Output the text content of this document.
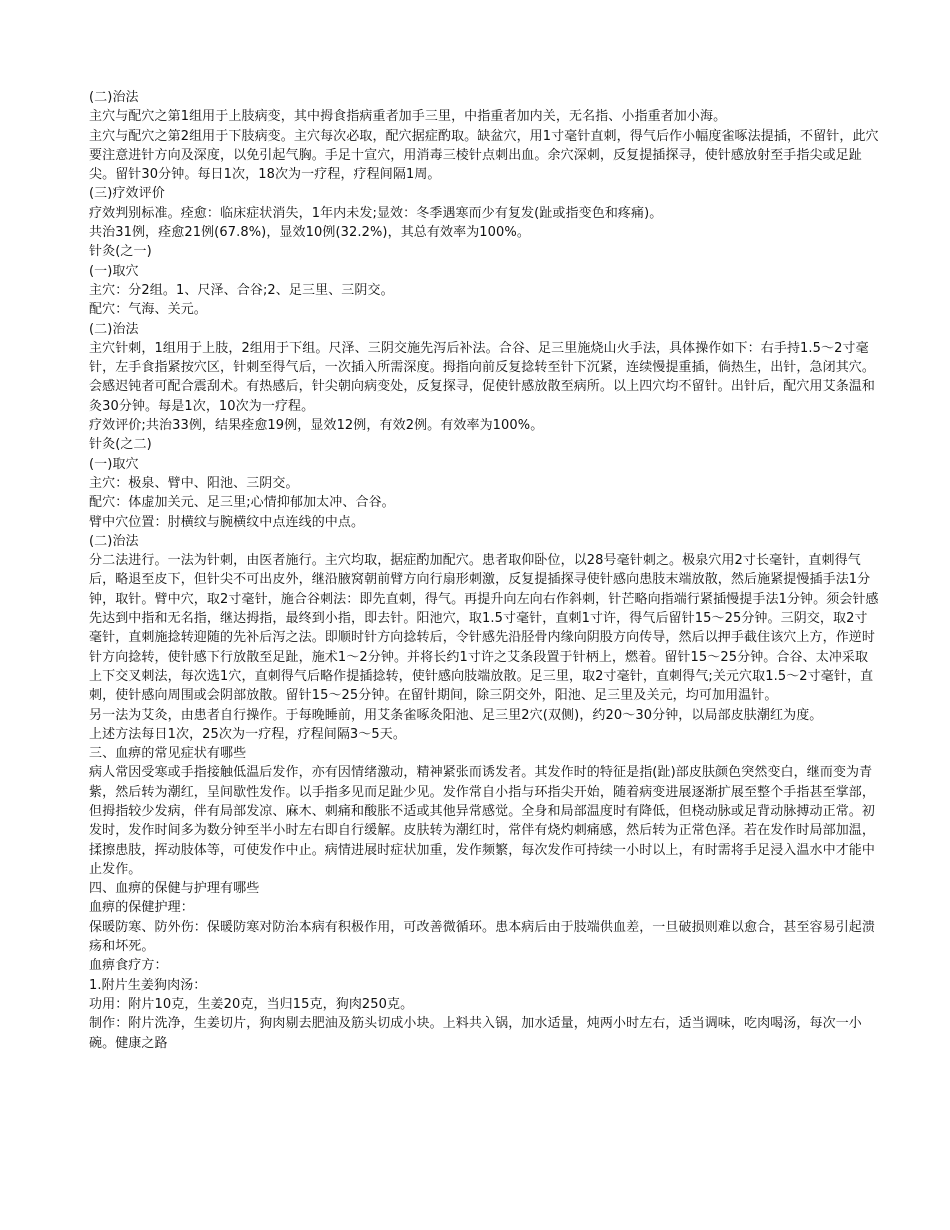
(二)治法

主穴与配穴之第1组用于上肢病变，其中拇食指病重者加手三里，中指重者加内关，无名指、小指重者加小海。

主穴与配穴之第2组用于下肢病变。主穴每次必取，配穴据症酌取。缺盆穴，用1寸毫针直刺，得气后作小幅度雀啄法提插，不留针，此穴要注意进针方向及深度，以免引起气胸。手足十宣穴，用消毒三棱针点刺出血。余穴深刺，反复提插探寻，使针感放射至手指尖或足趾尖。留针30分钟。每日1次，18次为一疗程，疗程间隔1周。

(三)疗效评价

疗效判别标准。痊愈：临床症状消失，1年内未发;显效：冬季遇寒而少有复发(趾或指变色和疼痛)。

共治31例，痊愈21例(67.8%)，显效10例(32.2%)，其总有效率为100%。

针灸(之一)

(一)取穴

主穴：分2组。1、尺泽、合谷;2、足三里、三阴交。

配穴：气海、关元。

(二)治法

主穴针刺，1组用于上肢，2组用于下组。尺泽、三阴交施先泻后补法。合谷、足三里施烧山火手法，具体操作如下：右手持1.5～2寸毫针，左手食指紧按穴区，针刺至得气后，一次插入所需深度。拇指向前反复捻转至针下沉紧，连续慢提重插，倘热生，出针，急闭其穴。会感迟钝者可配合震刮术。有热感后，针尖朝向病变处，反复探寻，促使针感放散至病所。以上四穴均不留针。出针后，配穴用艾条温和灸30分钟。每是1次，10次为一疗程。

疗效评价;共治33例，结果痊愈19例，显效12例，有效2例。有效率为100%。

针灸(之二)

(一)取穴

主穴：极泉、臂中、阳池、三阴交。

配穴：体虚加关元、足三里;心情抑郁加太冲、合谷。

臂中穴位置：肘横纹与腕横纹中点连线的中点。

(二)治法

分二法进行。一法为针刺，由医者施行。主穴均取，据症酌加配穴。患者取仰卧位，以28号毫针刺之。极泉穴用2寸长毫针，直刺得气后，略退至皮下，但针尖不可出皮外，继沿腋窝朝前臂方向行扇形刺激，反复提插探寻使针感向患肢末端放散，然后施紧提慢插手法1分钟，取针。臂中穴，取2寸毫针，施合谷刺法：即先直刺，得气。再提升向左向右作斜刺，针芒略向指端行紧插慢提手法1分钟。须会针感先达到中指和无名指，继达拇指，最终到小指，即去针。阳池穴，取1.5寸毫针，直刺1寸许，得气后留针15～25分钟。三阴交，取2寸毫针，直刺施捻转迎随的先补后泻之法。即顺时针方向捻转后，令针感先沿胫骨内缘向阴股方向传导，然后以押手截住该穴上方，作逆时针方向捻转，使针感下行放散至足趾，施术1～2分钟。并将长约1寸许之艾条段置于针柄上，燃着。留针15～25分钟。合谷、太冲采取上下交叉刺法，每次选1穴，直刺得气后略作提插捻转，使针感向肢端放散。足三里，取2寸毫针，直刺得气;关元穴取1.5～2寸毫针，直刺，使针感向周围或会阴部放散。留针15～25分钟。在留针期间，除三阴交外，阳池、足三里及关元，均可加用温针。

另一法为艾灸，由患者自行操作。于每晚睡前，用艾条雀啄灸阳池、足三里2穴(双侧)，约20～30分钟，以局部皮肤潮红为度。

上述方法每日1次，25次为一疗程，疗程间隔3～5天。

三、血痹的常见症状有哪些

病人常因受寒或手指接触低温后发作，亦有因情绪激动，精神紧张而诱发者。其发作时的特征是指(趾)部皮肤颜色突然变白，继而变为青紫，然后转为潮红，呈间歇性发作。以手指多见而足趾少见。发作常自小指与环指尖开始，随着病变进展逐渐扩展至整个手指甚至掌部，但拇指较少发病，伴有局部发凉、麻木、刺痛和酸胀不适或其他异常感觉。全身和局部温度时有降低，但桡动脉或足背动脉搏动正常。初发时，发作时间多为数分钟至半小时左右即自行缓解。皮肤转为潮红时，常伴有烧灼刺痛感，然后转为正常色泽。若在发作时局部加温，揉擦患肢，挥动肢体等，可使发作中止。病情进展时症状加重，发作频繁，每次发作可持续一小时以上，有时需将手足浸入温水中才能中止发作。

四、血痹的保健与护理有哪些

血痹的保健护理：

保暖防寒、防外伤：保暖防寒对防治本病有积极作用，可改善微循环。患本病后由于肢端供血差，一旦破损则难以愈合，甚至容易引起溃疡和坏死。

血痹食疗方：

1.附片生姜狗肉汤：

功用：附片10克，生姜20克，当归15克，狗肉250克。

制作：附片洗净，生姜切片，狗肉剔去肥油及筋头切成小块。上料共入锅，加水适量，炖两小时左右，适当调味，吃肉喝汤，每次一小碗。健康之路
